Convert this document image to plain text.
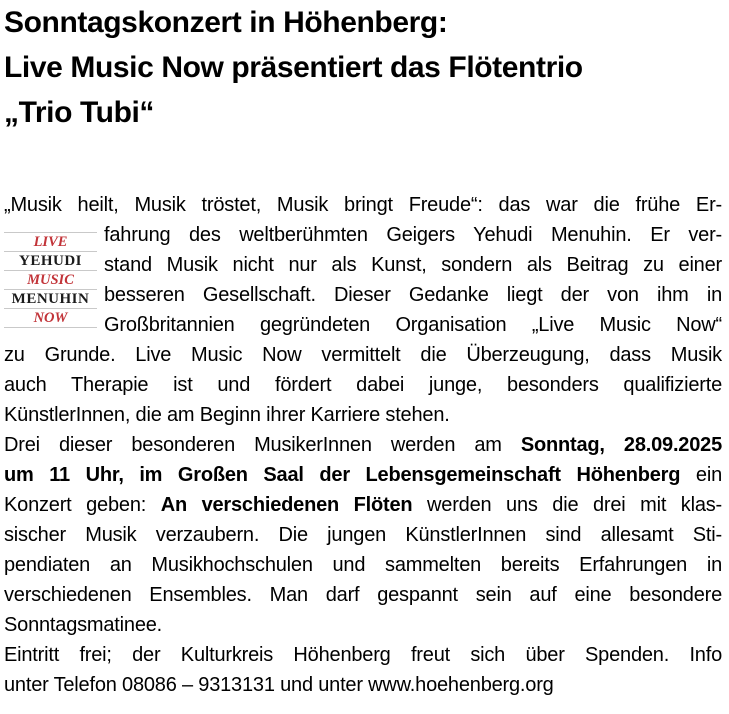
Sonntagskonzert in Höhenberg:
Live Music Now präsentiert das Flötentrio
„Trio Tubi“
„Musik heilt, Musik tröstet, Musik bringt Freude“: das war die frühe Er-
fahrung des weltberühmten Geigers Yehudi Menuhin. Er ver-
stand Musik nicht nur als Kunst, sondern als Beitrag zu einer
besseren Gesellschaft. Dieser Gedanke liegt der von ihm in
Großbritannien gegründeten Organisation „Live Music Now“
zu Grunde. Live Music Now vermittelt die Überzeugung, dass Musik
auch Therapie ist und fördert dabei junge, besonders qualifizierte
KünstlerInnen, die am Beginn ihrer Karriere stehen.
Drei dieser besonderen MusikerInnen werden am Sonntag, 28.09.2025
um 11 Uhr, im Großen Saal der Lebensgemeinschaft Höhenberg ein
Konzert geben: An verschiedenen Flöten werden uns die drei mit klas-
sischer Musik verzaubern. Die jungen KünstlerInnen sind allesamt Sti-
pendiaten an Musikhochschulen und sammelten bereits Erfahrungen in
verschiedenen Ensembles. Man darf gespannt sein auf eine besondere
Sonntagsmatinee.
Eintritt frei; der Kulturkreis Höhenberg freut sich über Spenden. Info
unter Telefon 08086 – 9313131 und unter www.hoehenberg.org
LIVE
YEHUDI
MUSIC
MENUHIN
NOW
